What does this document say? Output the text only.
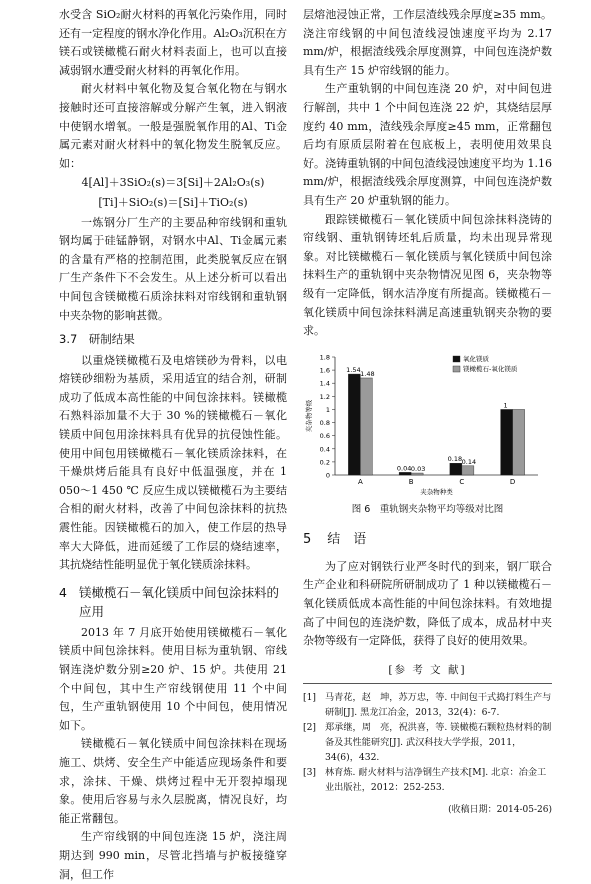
水受含 SiO₂耐火材料的再氧化污染作用，同时还有一定程度的钢水净化作用。Al₂O₃沉积在方镁石或镁橄榄石耐火材料表面上，也可以直接减弱钢水遭受耐火材料的再氧化作用。

耐火材料中氧化物及复合氧化物在与钢水接触时还可直接溶解或分解产生氧，进入钢液中使钢水增氧。一般是强脱氧作用的Al、Ti金属元素对耐火材料中的氧化物发生脱氧反应。如：

4[Al]＋3SiO₂(s)＝3[Si]＋2Al₂O₃(s)
[Ti]＋SiO₂(s)＝[Si]＋TiO₂(s)

一炼钢分厂生产的主要品种帘线钢和重轨钢均属于硅锰静钢，对钢水中Al、Ti金属元素的含量有严格的控制范围，此类脱氧反应在钢厂生产条件下不会发生。从上述分析可以看出中间包含镁橄榄石质涂抹料对帘线钢和重轨钢中夹杂物的影响甚微。

3.7　研制结果

以重烧镁橄榄石及电熔镁砂为骨料，以电熔镁砂细粉为基质，采用适宜的结合剂，研制成功了低成本高性能的中间包涂抹料。镁橄榄石熟料添加量不大于 30 %的镁橄榄石－氧化镁质中间包用涂抹料具有优异的抗侵蚀性能。使用中间包用镁橄榄石－氧化镁质涂抹料，在干燥烘烤后能具有良好中低温强度，并在 1 050～1 450 ℃ 反应生成以镁橄榄石为主要结合相的耐火材料，改善了中间包涂抹料的抗热震性能。因镁橄榄石的加入，使工作层的热导率大大降低，进而延缓了工作层的烧结速率，其抗烧结性能明显优于氧化镁质涂抹料。

4 镁橄榄石－氧化镁质中间包涂抹料的应用

2013 年 7 月底开始使用镁橄榄石－氧化镁质中间包涂抹料。使用目标为重轨钢、帘线钢连浇炉数分别≥20 炉、15 炉。共使用 21 个中间包，其中生产帘线钢使用 11 个中间包，生产重轨钢使用 10 个中间包，使用情况如下。

镁橄榄石－氧化镁质中间包涂抹料在现场施工、烘烤、安全生产中能适应现场条件和要求，涂抹、干燥、烘烤过程中无开裂掉塌现象。使用后容易与永久层脱离，情况良好，均能正常翻包。

生产帘线钢的中间包连浇 15 炉，浇注周期达到 990 min，尽管北挡墙与护板接缝穿洞，但工作

层熔池浸蚀正常，工作层渣线残余厚度≥35 mm。浇注帘线钢的中间包渣线浸蚀速度平均为 2.17 mm/炉，根据渣线残余厚度测算，中间包连浇炉数具有生产 15 炉帘线钢的能力。

生产重轨钢的中间包连浇 20 炉，对中间包进行解剖，共中 1 个中间包连浇 22 炉，其烧结层厚度约 40 mm，渣线残余厚度≥45 mm，正常翻包后均有原质层附着在包底板上，表明使用效果良好。浇铸重轨钢的中间包渣线浸蚀速度平均为 1.16 mm/炉，根据渣线残余厚度测算，中间包连浇炉数具有生产 20 炉重轨钢的能力。

跟踪镁橄榄石－氧化镁质中间包涂抹料浇铸的帘线钢、重轨钢铸坯轧后质量，均未出现异常现象。对比镁橄榄石－氧化镁质与氧化镁质中间包涂抹料生产的重轨钢中夹杂物情况见图 6，夹杂物等级有一定降低，钢水洁净度有所提高。镁橄榄石－氧化镁质中间包涂抹料满足高速重轨钢夹杂物的要求。

0
0.2
0.4
0.6
0.8
1
1.2
1.4
1.6
1.8
夹杂物等级
1.54 1.48
A
0.04 0.03
B
0.18 0.14
C
1
D
夹杂物种类
氧化镁质
镁橄榄石-氧化镁质
图 6　重轨钢夹杂物平均等级对比图
5 结　语

为了应对钢铁行业严冬时代的到来，钢厂联合生产企业和科研院所研制成功了 1 种以镁橄榄石－氧化镁质低成本高性能的中间包涂抹料。有效地提高了中间包的连浇炉数，降低了成本，成品材中夹杂物等级有一定降低，获得了良好的使用效果。

[参 考 文 献]
[1] 马青花，赵　坤，苏万忠，等. 中间包干式捣打料生产与研制[J]. 黑龙江冶金，2013，32(4)：6-7.
[2] 郑承继，周　亮，祝洪喜，等. 镁橄榄石颗粒热材料的制备及其性能研究[J]. 武汉科技大学学报，2011，34(6)，432.
[3] 林育炼. 耐火材料与洁净钢生产技术[M]. 北京：冶金工业出版社，2012：252-253.
(收稿日期：2014-05-26)
